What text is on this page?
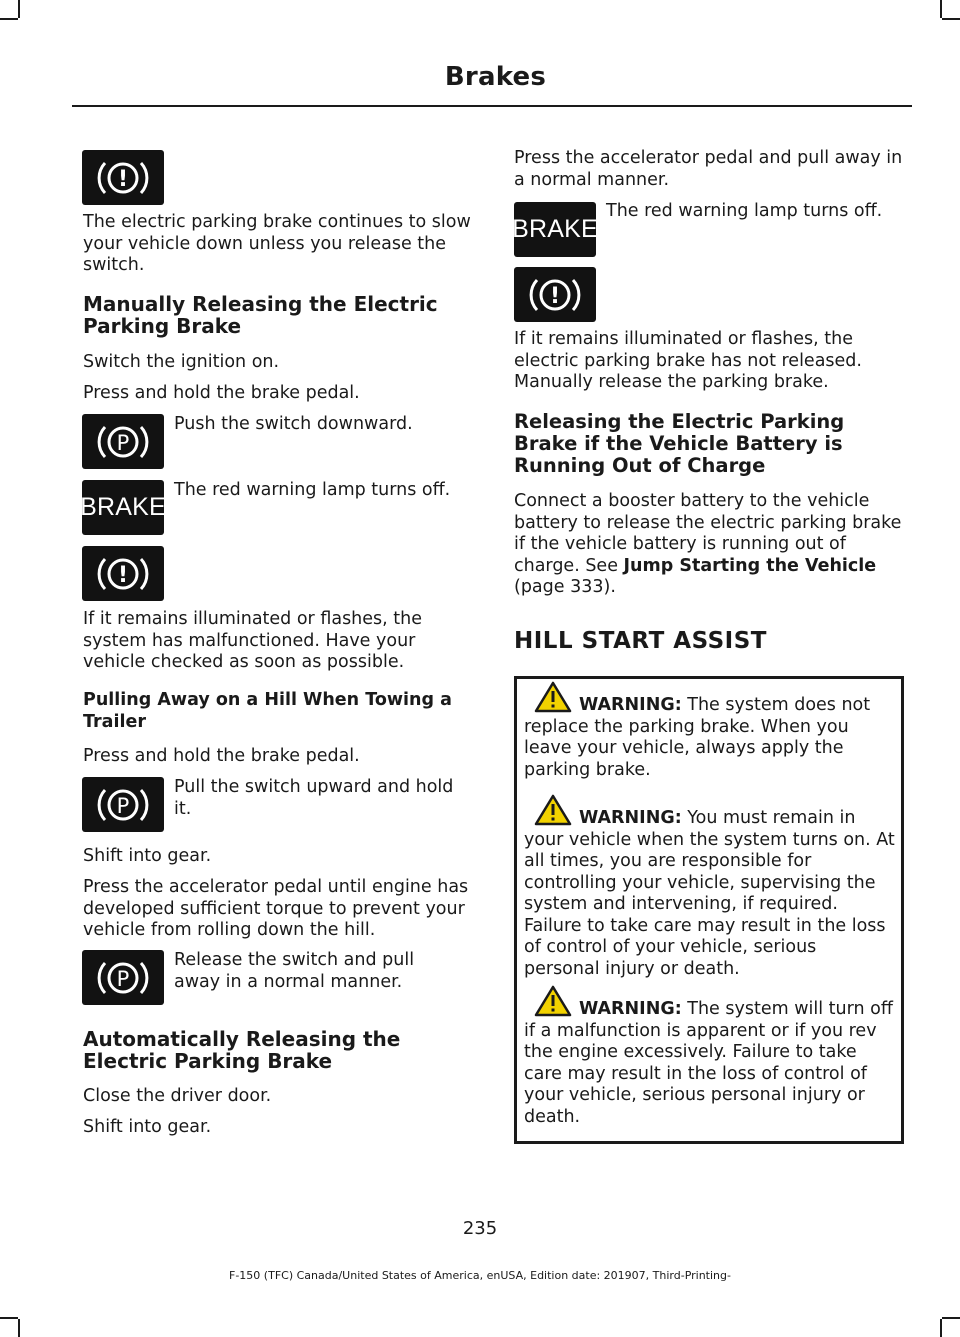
Brakes
!

The electric parking brake continues to slow your vehicle down unless you release the switch.

Manually Releasing the Electric Parking Brake

Switch the ignition on.

Press and hold the brake pedal.

P

Push the switch downward.

BRAKE

The red warning lamp turns off.

!

If it remains illuminated or flashes, the system has malfunctioned. Have your vehicle checked as soon as possible.

Pulling Away on a Hill When Towing a Trailer

Press and hold the brake pedal.

P

Pull the switch upward and hold it.

Shift into gear.

Press the accelerator pedal until engine has developed sufficient torque to prevent your vehicle from rolling down the hill.

P

Release the switch and pull away in a normal manner.

Automatically Releasing the Electric Parking Brake

Close the driver door.

Shift into gear.

Press the accelerator pedal and pull away in a normal manner.

BRAKE

The red warning lamp turns off.

!

If it remains illuminated or flashes, the electric parking brake has not released. Manually release the parking brake.

Releasing the Electric Parking Brake if the Vehicle Battery is Running Out of Charge

Connect a booster battery to the vehicle battery to release the electric parking brake if the vehicle battery is running out of charge. See Jump Starting the Vehicle (page 333).

HILL START ASSIST

WARNING: The system does not replace the parking brake. When you leave your vehicle, always apply the parking brake.

WARNING: You must remain in your vehicle when the system turns on. At all times, you are responsible for controlling your vehicle, supervising the system and intervening, if required. Failure to take care may result in the loss of control of your vehicle, serious personal injury or death.

WARNING: The system will turn off if a malfunction is apparent or if you rev the engine excessively. Failure to take care may result in the loss of control of your vehicle, serious personal injury or death.

235
F-150 (TFC) Canada/United States of America, enUSA, Edition date: 201907, Third-Printing-
